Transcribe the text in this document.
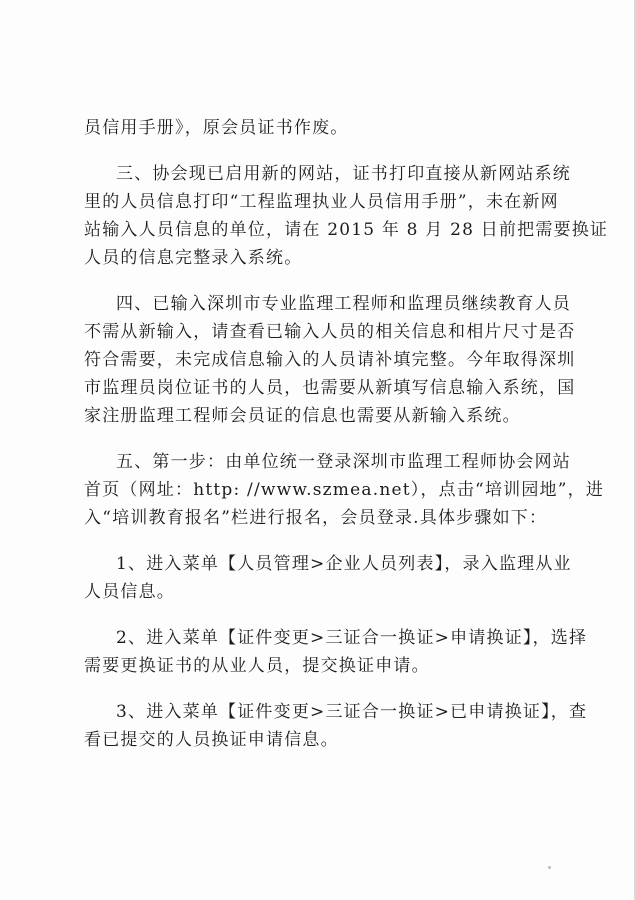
员信用手册》，原会员证书作废。

三、协会现已启用新的网站，证书打印直接从新网站系统
里的人员信息打印“工程监理执业人员信用手册”，未在新网
站输入人员信息的单位，请在 2015 年 8 月 28 日前把需要换证
人员的信息完整录入系统。

四、已输入深圳市专业监理工程师和监理员继续教育人员
不需从新输入，请查看已输入人员的相关信息和相片尺寸是否
符合需要，未完成信息输入的人员请补填完整。今年取得深圳
市监理员岗位证书的人员，也需要从新填写信息输入系统，国
家注册监理工程师会员证的信息也需要从新输入系统。

五、第一步：由单位统一登录深圳市监理工程师协会网站
首页（网址：http: //www.szmea.net），点击“培训园地”，进
入“培训教育报名”栏进行报名，会员登录.具体步骤如下：

1、进入菜单【人员管理>企业人员列表】，录入监理从业
人员信息。

2、进入菜单【证件变更>三证合一换证>申请换证】，选择
需要更换证书的从业人员，提交换证申请。

3、进入菜单【证件变更>三证合一换证>已申请换证】，查
看已提交的人员换证申请信息。
